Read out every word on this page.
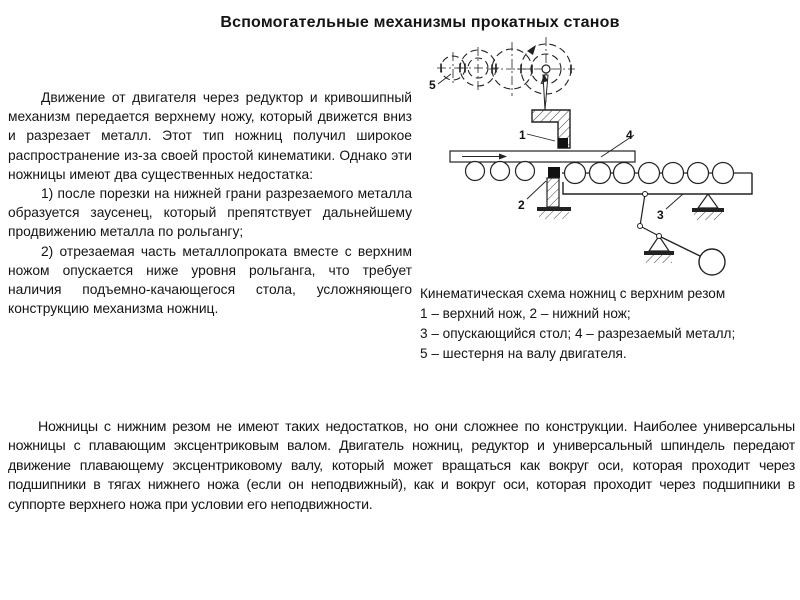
Вспомогательные механизмы прокатных станов

Движение от двигателя через редуктор и кривошипный механизм передается верхнему ножу, который движется вниз и разрезает металл. Этот тип ножниц получил широкое распространение из-за своей простой кинематики. Однако эти ножницы имеют два существенных недостатка:

1) после порезки на нижней грани разрезаемого металла образуется заусенец, который препятствует дальнейшему продвижению металла по рольгангу;

2) отрезаемая часть металлопроката вместе с верхним ножом опускается ниже уровня рольганга, что требует наличия подъемно-качающегося стола, усложняющего конструкцию механизма ножниц.

5
1	4
2
3
Кинематическая схема ножниц с верхним резом
1 – верхний нож, 2 – нижний нож;
3 – опускающийся стол; 4 – разрезаемый металл;
5 – шестерня на валу двигателя.

Ножницы с нижним резом не имеют таких недостатков, но они сложнее по конструкции. Наиболее универсальны ножницы с плавающим эксцентриковым валом. Двигатель ножниц, редуктор и универсальный шпиндель передают движение плавающему эксцентриковому валу, который может вращаться как вокруг оси, которая проходит через подшипники в тягах нижнего ножа (если он неподвижный), как и вокруг оси, которая проходит через подшипники в суппорте верхнего ножа при условии его неподвижности.
